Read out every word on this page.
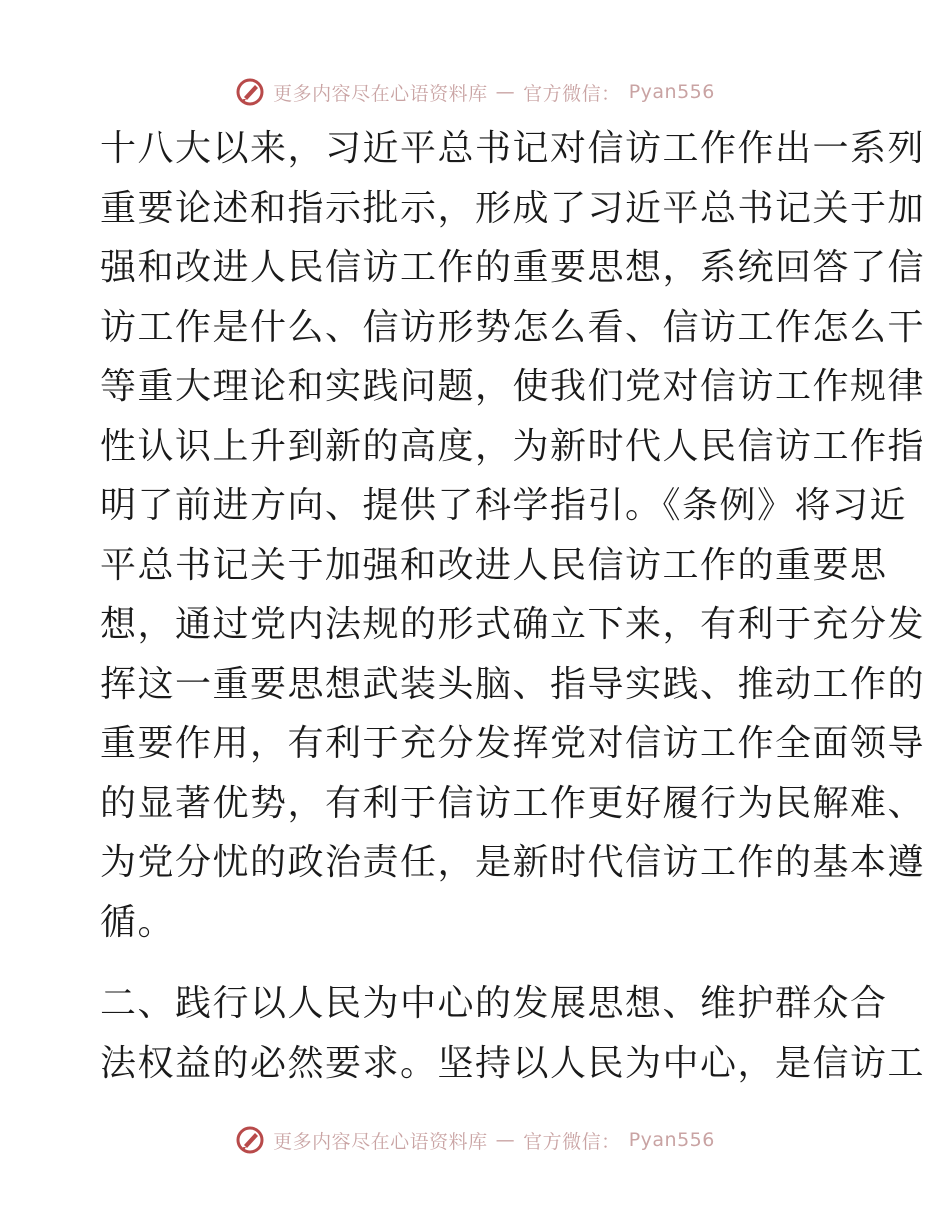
更多内容尽在心语资料库 — 官方微信： Pyan556
十八大以来，习近平总书记对信访工作作出一系列
重要论述和指示批示，形成了习近平总书记关于加
强和改进人民信访工作的重要思想，系统回答了信
访工作是什么、信访形势怎么看、信访工作怎么干
等重大理论和实践问题，使我们党对信访工作规律
性认识上升到新的高度，为新时代人民信访工作指
明了前进方向、提供了科学指引。《条例》将习近
平总书记关于加强和改进人民信访工作的重要思
想，通过党内法规的形式确立下来，有利于充分发
挥这一重要思想武装头脑、指导实践、推动工作的
重要作用，有利于充分发挥党对信访工作全面领导
的显著优势，有利于信访工作更好履行为民解难、
为党分忧的政治责任，是新时代信访工作的基本遵
循。
二、践行以人民为中心的发展思想、维护群众合
法权益的必然要求。坚持以人民为中心，是信访工
更多内容尽在心语资料库 — 官方微信： Pyan556
